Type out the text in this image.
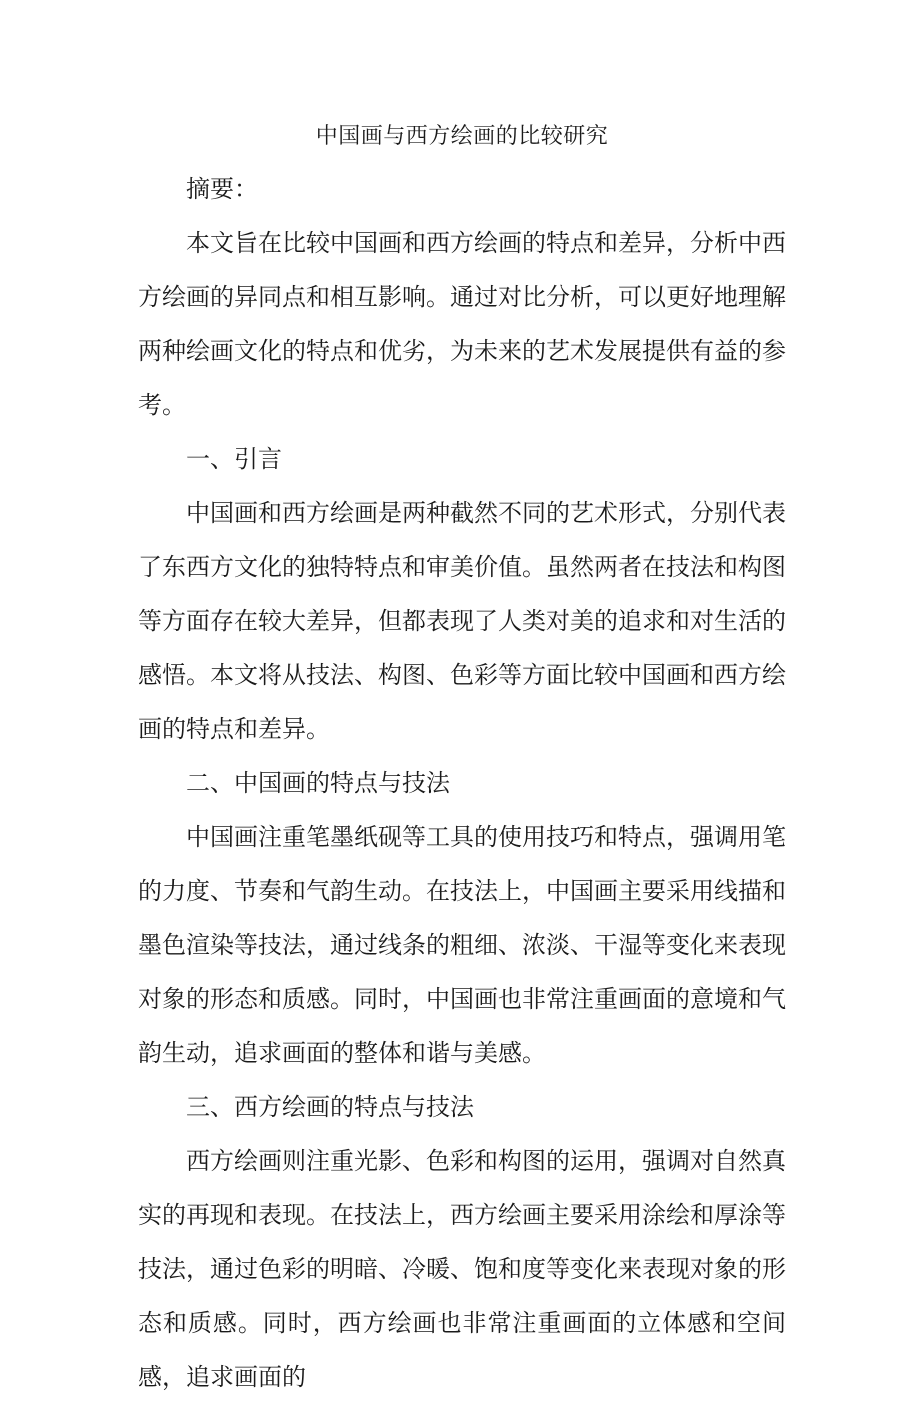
中国画与西方绘画的比较研究

摘要：

本文旨在比较中国画和西方绘画的特点和差异，分析中西方绘画的异同点和相互影响。通过对比分析，可以更好地理解两种绘画文化的特点和优劣，为未来的艺术发展提供有益的参考。

一、引言

中国画和西方绘画是两种截然不同的艺术形式，分别代表了东西方文化的独特特点和审美价值。虽然两者在技法和构图等方面存在较大差异，但都表现了人类对美的追求和对生活的感悟。本文将从技法、构图、色彩等方面比较中国画和西方绘画的特点和差异。

二、中国画的特点与技法

中国画注重笔墨纸砚等工具的使用技巧和特点，强调用笔的力度、节奏和气韵生动。在技法上，中国画主要采用线描和墨色渲染等技法，通过线条的粗细、浓淡、干湿等变化来表现对象的形态和质感。同时，中国画也非常注重画面的意境和气韵生动，追求画面的整体和谐与美感。

三、西方绘画的特点与技法

西方绘画则注重光影、色彩和构图的运用，强调对自然真实的再现和表现。在技法上，西方绘画主要采用涂绘和厚涂等技法，通过色彩的明暗、冷暖、饱和度等变化来表现对象的形态和质感。同时，西方绘画也非常注重画面的立体感和空间感，追求画面的
